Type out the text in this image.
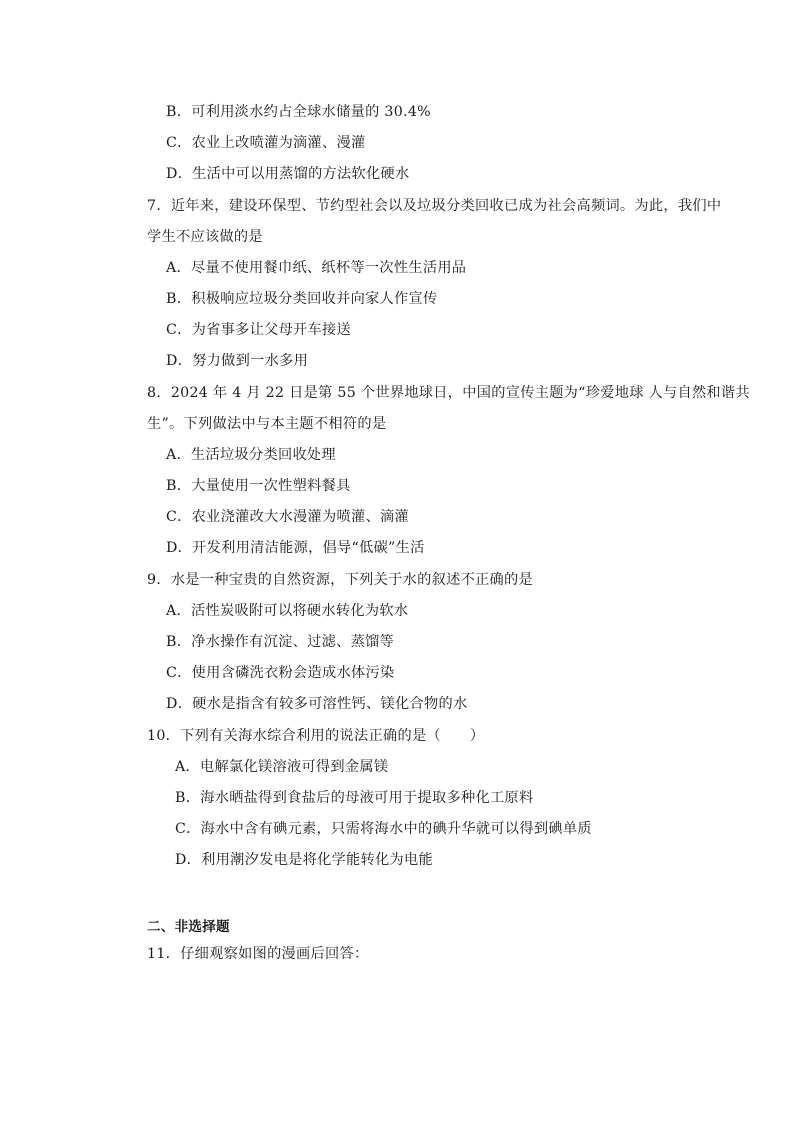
B．可利用淡水约占全球水储量的 30.4%
C．农业上改喷灌为滴灌、漫灌
D．生活中可以用蒸馏的方法软化硬水
7．近年来，建设环保型、节约型社会以及垃圾分类回收已成为社会高频词。为此，我们中
学生不应该做的是
A．尽量不使用餐巾纸、纸杯等一次性生活用品
B．积极响应垃圾分类回收并向家人作宣传
C．为省事多让父母开车接送
D．努力做到一水多用
8．2024 年 4 月 22 日是第 55 个世界地球日，中国的宣传主题为“珍爱地球 人与自然和谐共
生”。下列做法中与本主题不相符的是
A．生活垃圾分类回收处理
B．大量使用一次性塑料餐具
C．农业浇灌改大水漫灌为喷灌、滴灌
D．开发利用清洁能源，倡导“低碳”生活
9．水是一种宝贵的自然资源，下列关于水的叙述不正确的是
A．活性炭吸附可以将硬水转化为软水
B．净水操作有沉淀、过滤、蒸馏等
C．使用含磷洗衣粉会造成水体污染
D．硬水是指含有较多可溶性钙、镁化合物的水
10．下列有关海水综合利用的说法正确的是（　　）
A．电解氯化镁溶液可得到金属镁
B．海水晒盐得到食盐后的母液可用于提取多种化工原料
C．海水中含有碘元素，只需将海水中的碘升华就可以得到碘单质
D．利用潮汐发电是将化学能转化为电能
二、非选择题
11．仔细观察如图的漫画后回答：
